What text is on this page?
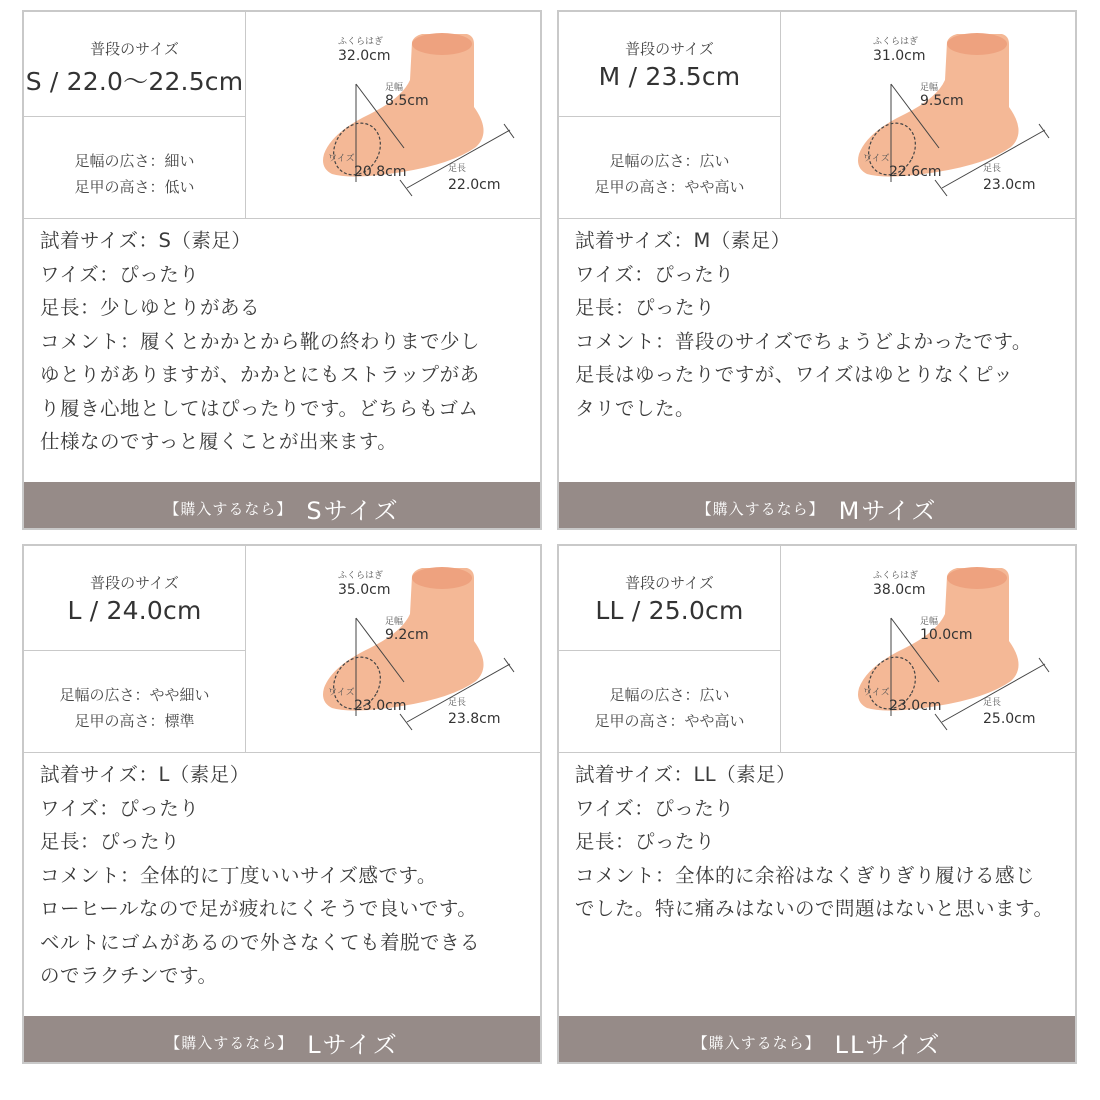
普段のサイズ
S / 22.0～22.5cm
足幅の広さ：細い
足甲の高さ：低い
ふくらはぎ
32.0cm
足幅
8.5cm
ワイズ
20.8cm	足長
22.0cm
試着サイズ：S（素足）
ワイズ：ぴったり
足長：少しゆとりがある
コメント：履くとかかとから靴の終わりまで少し
ゆとりがありますが、かかとにもストラップがあ
り履き心地としてはぴったりです。どちらもゴム
仕様なのですっと履くことが出来ます。
【購入するなら】 Sサイズ
普段のサイズ
M / 23.5cm
足幅の広さ：広い
足甲の高さ：やや高い
ふくらはぎ
31.0cm
足幅
9.5cm
ワイズ
22.6cm	足長
23.0cm
試着サイズ：M（素足）
ワイズ：ぴったり
足長：ぴったり
コメント：普段のサイズでちょうどよかったです。
足長はゆったりですが、ワイズはゆとりなくピッ
タリでした。
【購入するなら】 Mサイズ
普段のサイズ
L / 24.0cm
足幅の広さ：やや細い
足甲の高さ：標準
ふくらはぎ
35.0cm
足幅
9.2cm
ワイズ
23.0cm	足長
23.8cm
試着サイズ：L（素足）
ワイズ：ぴったり
足長：ぴったり
コメント：全体的に丁度いいサイズ感です。
ローヒールなので足が疲れにくそうで良いです。
ベルトにゴムがあるので外さなくても着脱できる
のでラクチンです。
【購入するなら】 Lサイズ
普段のサイズ
LL / 25.0cm
足幅の広さ：広い
足甲の高さ：やや高い
ふくらはぎ
38.0cm
足幅
10.0cm
ワイズ
23.0cm	足長
25.0cm
試着サイズ：LL（素足）
ワイズ：ぴったり
足長：ぴったり
コメント：全体的に余裕はなくぎりぎり履ける感じ
でした。特に痛みはないので問題はないと思います。
【購入するなら】 LLサイズ
